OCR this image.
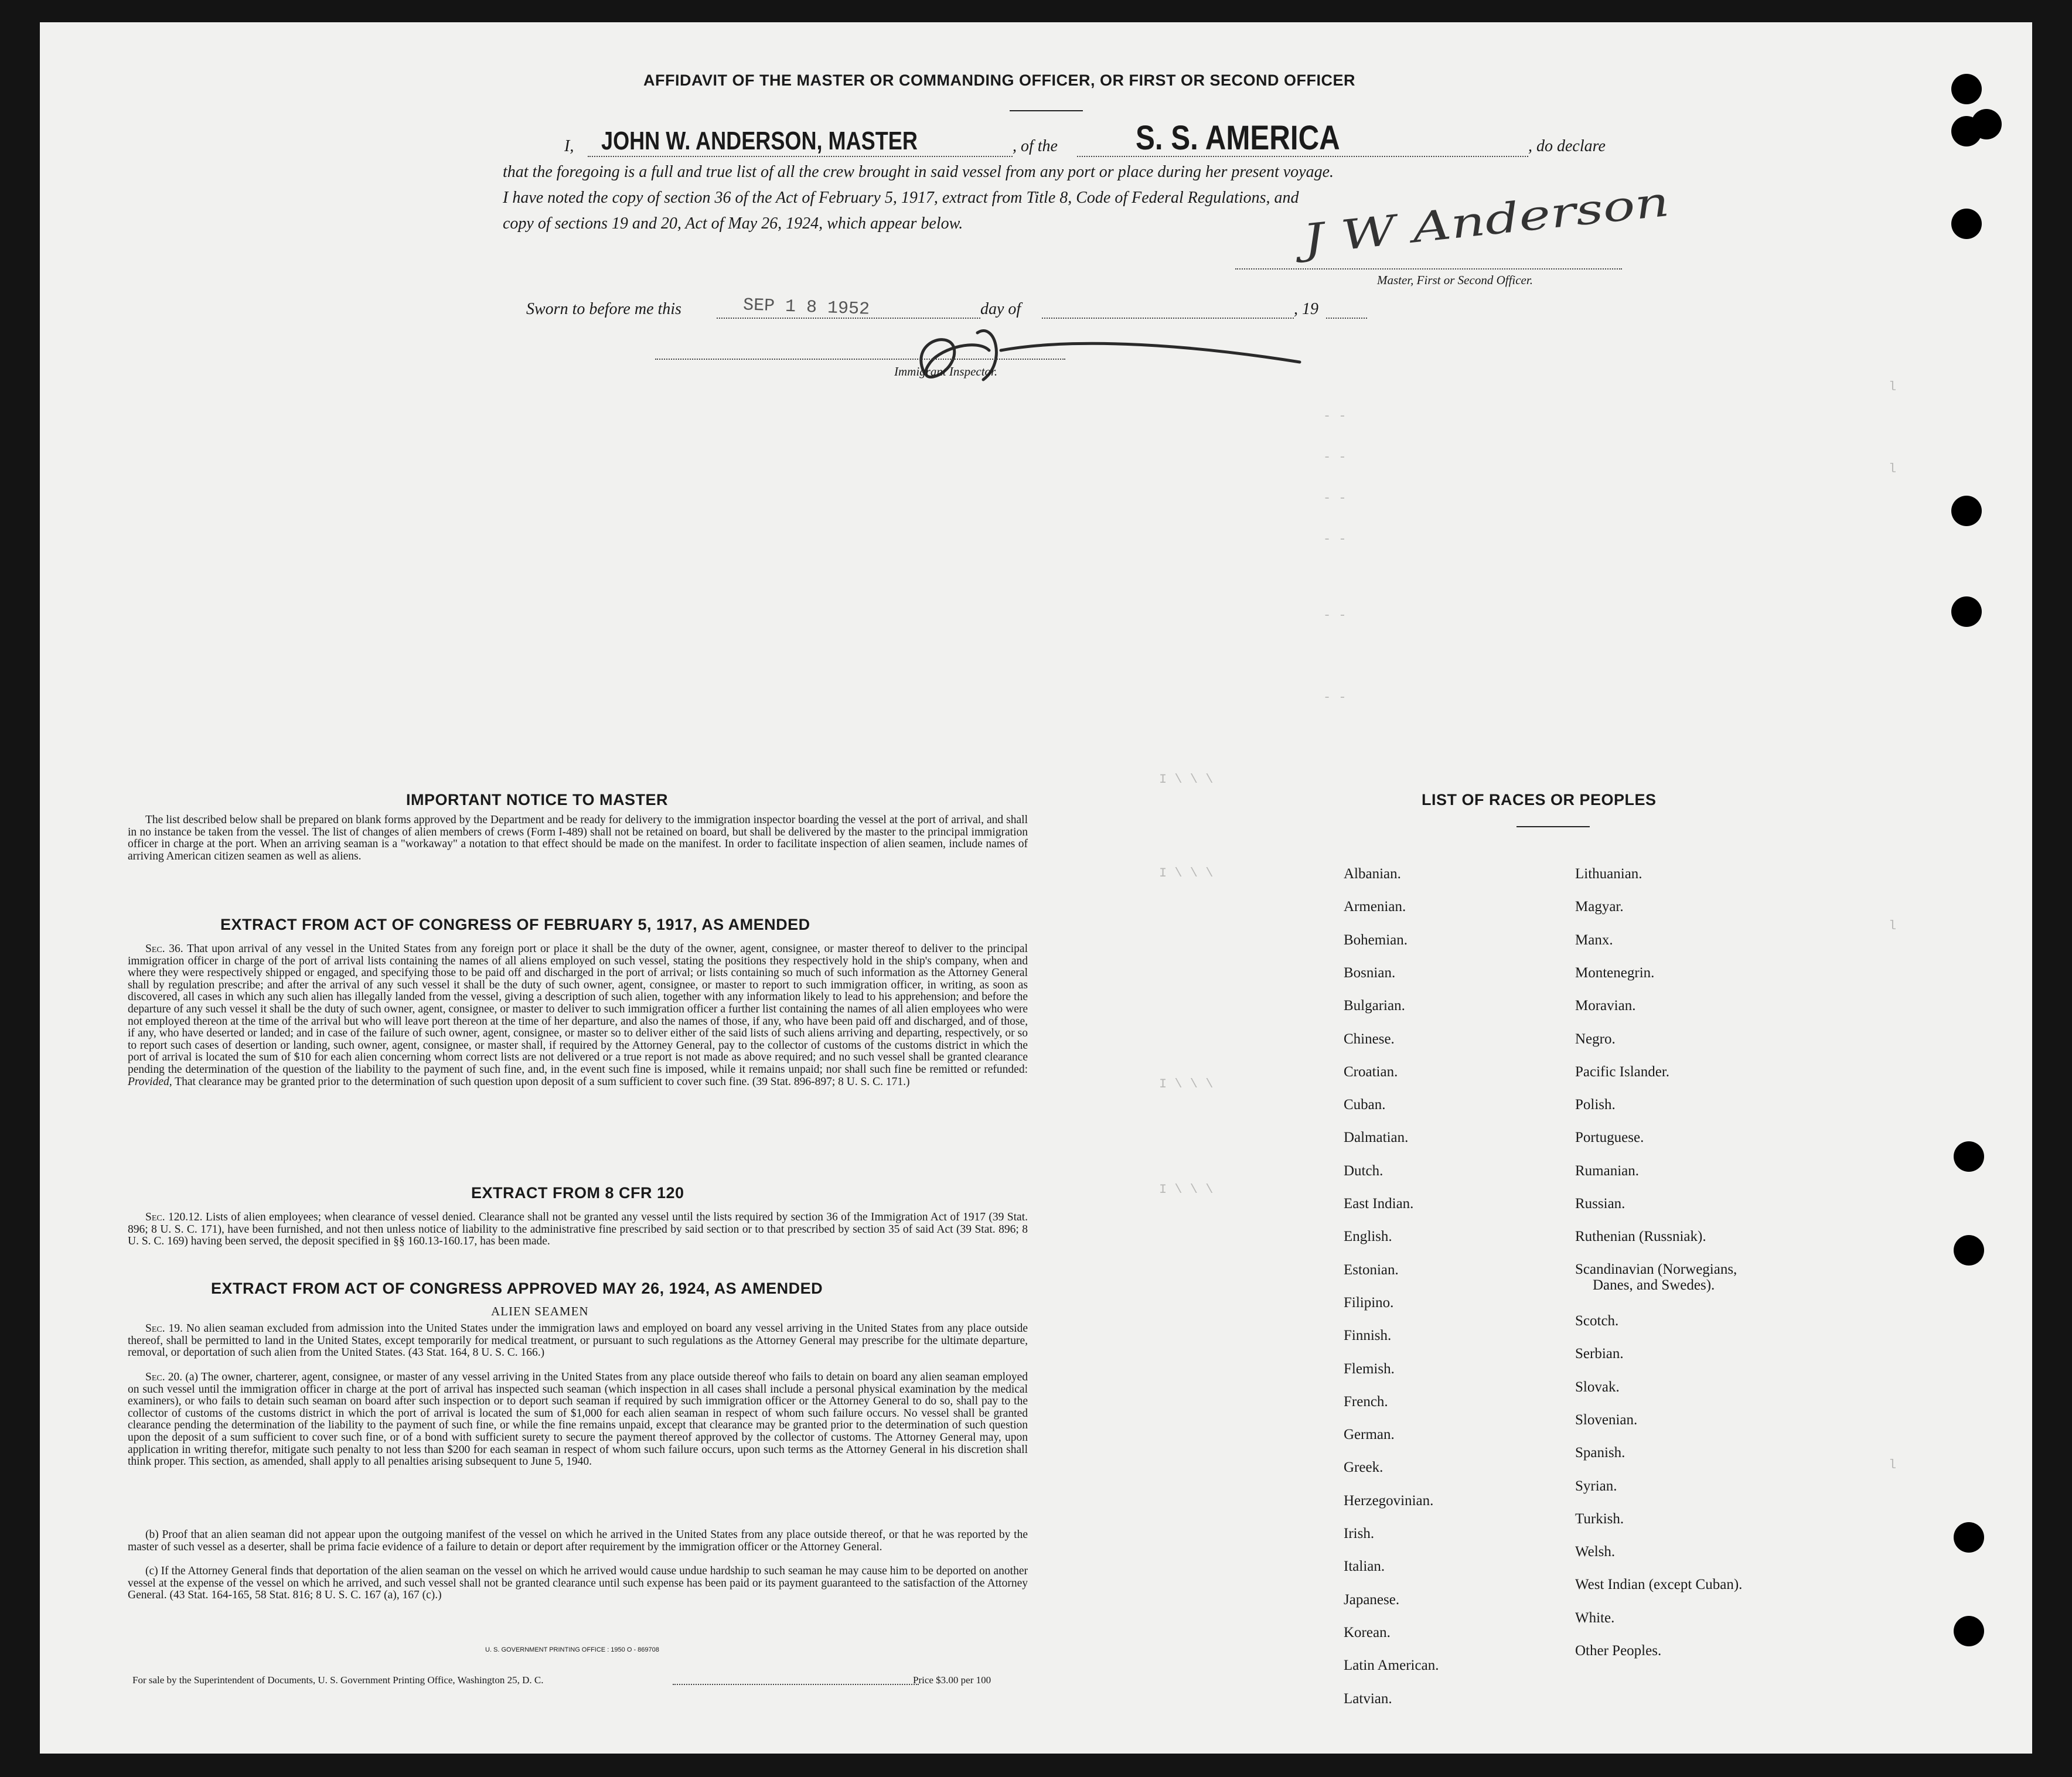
AFFIDAVIT OF THE MASTER OR COMMANDING OFFICER, OR FIRST OR SECOND OFFICER
I, JOHN W. ANDERSON, MASTER	, of the S. S. AMERICA	, do declare
that the foregoing is a full and true list of all the crew brought in said vessel from any port or place during her present voyage.
I have noted the copy of section 36 of the Act of February 5, 1917, extract from Title 8, Code of Federal Regulations, and
copy of sections 19 and 20, Act of May 26, 1924, which appear below.	J W Anderson
Master, First or Second Officer.
Sworn to before me this	SEP 1 8 1952	day of	, 19
Immigrant Inspector.
- -
- -
- -
- -
- -
- -
I \ \ \
I \ \ \
I \ \ \
I \ \ \
l
l
l
l
IMPORTANT NOTICE TO MASTER

The list described below shall be prepared on blank forms approved by the Department and be ready for delivery to the immigration inspector boarding the vessel at the port of arrival, and shall in no instance be taken from the vessel. The list of changes of alien members of crews (Form I-489) shall not be retained on board, but shall be delivered by the master to the principal immigration officer in charge at the port. When an arriving seaman is a "workaway" a notation to that effect should be made on the manifest. In order to facilitate inspection of alien seamen, include names of arriving American citizen seamen as well as aliens.

EXTRACT FROM ACT OF CONGRESS OF FEBRUARY 5, 1917, AS AMENDED

Sec. 36. That upon arrival of any vessel in the United States from any foreign port or place it shall be the duty of the owner, agent, consignee, or master thereof to deliver to the principal immigration officer in charge of the port of arrival lists containing the names of all aliens employed on such vessel, stating the positions they respectively hold in the ship's company, when and where they were respectively shipped or engaged, and specifying those to be paid off and discharged in the port of arrival; or lists containing so much of such information as the Attorney General shall by regulation prescribe; and after the arrival of any such vessel it shall be the duty of such owner, agent, consignee, or master to report to such immigration officer, in writing, as soon as discovered, all cases in which any such alien has illegally landed from the vessel, giving a description of such alien, together with any information likely to lead to his apprehension; and before the departure of any such vessel it shall be the duty of such owner, agent, consignee, or master to deliver to such immigration officer a further list containing the names of all alien employees who were not employed thereon at the time of the arrival but who will leave port thereon at the time of her departure, and also the names of those, if any, who have been paid off and discharged, and of those, if any, who have deserted or landed; and in case of the failure of such owner, agent, consignee, or master so to deliver either of the said lists of such aliens arriving and departing, respectively, or so to report such cases of desertion or landing, such owner, agent, consignee, or master shall, if required by the Attorney General, pay to the collector of customs of the customs district in which the port of arrival is located the sum of $10 for each alien concerning whom correct lists are not delivered or a true report is not made as above required; and no such vessel shall be granted clearance pending the determination of the question of the liability to the payment of such fine, and, in the event such fine is imposed, while it remains unpaid; nor shall such fine be remitted or refunded: Provided, That clearance may be granted prior to the determination of such question upon deposit of a sum sufficient to cover such fine. (39 Stat. 896-897; 8 U. S. C. 171.)

EXTRACT FROM 8 CFR 120

Sec. 120.12. Lists of alien employees; when clearance of vessel denied. Clearance shall not be granted any vessel until the lists required by section 36 of the Immigration Act of 1917 (39 Stat. 896; 8 U. S. C. 171), have been furnished, and not then unless notice of liability to the administrative fine prescribed by said section or to that prescribed by section 35 of said Act (39 Stat. 896; 8 U. S. C. 169) having been served, the deposit specified in §§ 160.13-160.17, has been made.

EXTRACT FROM ACT OF CONGRESS APPROVED MAY 26, 1924, AS AMENDED
ALIEN SEAMEN

Sec. 19. No alien seaman excluded from admission into the United States under the immigration laws and employed on board any vessel arriving in the United States from any place outside thereof, shall be permitted to land in the United States, except temporarily for medical treatment, or pursuant to such regulations as the Attorney General may prescribe for the ultimate departure, removal, or deportation of such alien from the United States. (43 Stat. 164, 8 U. S. C. 166.)

Sec. 20. (a) The owner, charterer, agent, consignee, or master of any vessel arriving in the United States from any place outside thereof who fails to detain on board any alien seaman employed on such vessel until the immigration officer in charge at the port of arrival has inspected such seaman (which inspection in all cases shall include a personal physical examination by the medical examiners), or who fails to detain such seaman on board after such inspection or to deport such seaman if required by such immigration officer or the Attorney General to do so, shall pay to the collector of customs of the customs district in which the port of arrival is located the sum of $1,000 for each alien seaman in respect of whom such failure occurs. No vessel shall be granted clearance pending the determination of the liability to the payment of such fine, or while the fine remains unpaid, except that clearance may be granted prior to the determination of such question upon the deposit of a sum sufficient to cover such fine, or of a bond with sufficient surety to secure the payment thereof approved by the collector of customs. The Attorney General may, upon application in writing therefor, mitigate such penalty to not less than $200 for each seaman in respect of whom such failure occurs, upon such terms as the Attorney General in his discretion shall think proper. This section, as amended, shall apply to all penalties arising subsequent to June 5, 1940.

(b) Proof that an alien seaman did not appear upon the outgoing manifest of the vessel on which he arrived in the United States from any place outside thereof, or that he was reported by the master of such vessel as a deserter, shall be prima facie evidence of a failure to detain or deport after requirement by the immigration officer or the Attorney General.

(c) If the Attorney General finds that deportation of the alien seaman on the vessel on which he arrived would cause undue hardship to such seaman he may cause him to be deported on another vessel at the expense of the vessel on which he arrived, and such vessel shall not be granted clearance until such expense has been paid or its payment guaranteed to the satisfaction of the Attorney General. (43 Stat. 164-165, 58 Stat. 816; 8 U. S. C. 167 (a), 167 (c).)

U. S. GOVERNMENT PRINTING OFFICE : 1950 O - 869708
For sale by the Superintendent of Documents, U. S. Government Printing Office, Washington 25, D. C.	Price $3.00 per 100
LIST OF RACES OR PEOPLES
Albanian.
Armenian.
Bohemian.
Bosnian.
Bulgarian.
Chinese.
Croatian.
Cuban.
Dalmatian.
Dutch.
East Indian.
English.
Estonian.
Filipino.
Finnish.
Flemish.
French.
German.
Greek.
Herzegovinian.
Irish.
Italian.
Japanese.
Korean.
Latin American.
Latvian.
Lithuanian.
Magyar.
Manx.
Montenegrin.
Moravian.
Negro.
Pacific Islander.
Polish.
Portuguese.
Rumanian.
Russian.
Ruthenian (Russniak).
Scandinavian (Norwegians,
Danes, and Swedes).
Scotch.
Serbian.
Slovak.
Slovenian.
Spanish.
Syrian.
Turkish.
Welsh.
West Indian (except Cuban).
White.
Other Peoples.
